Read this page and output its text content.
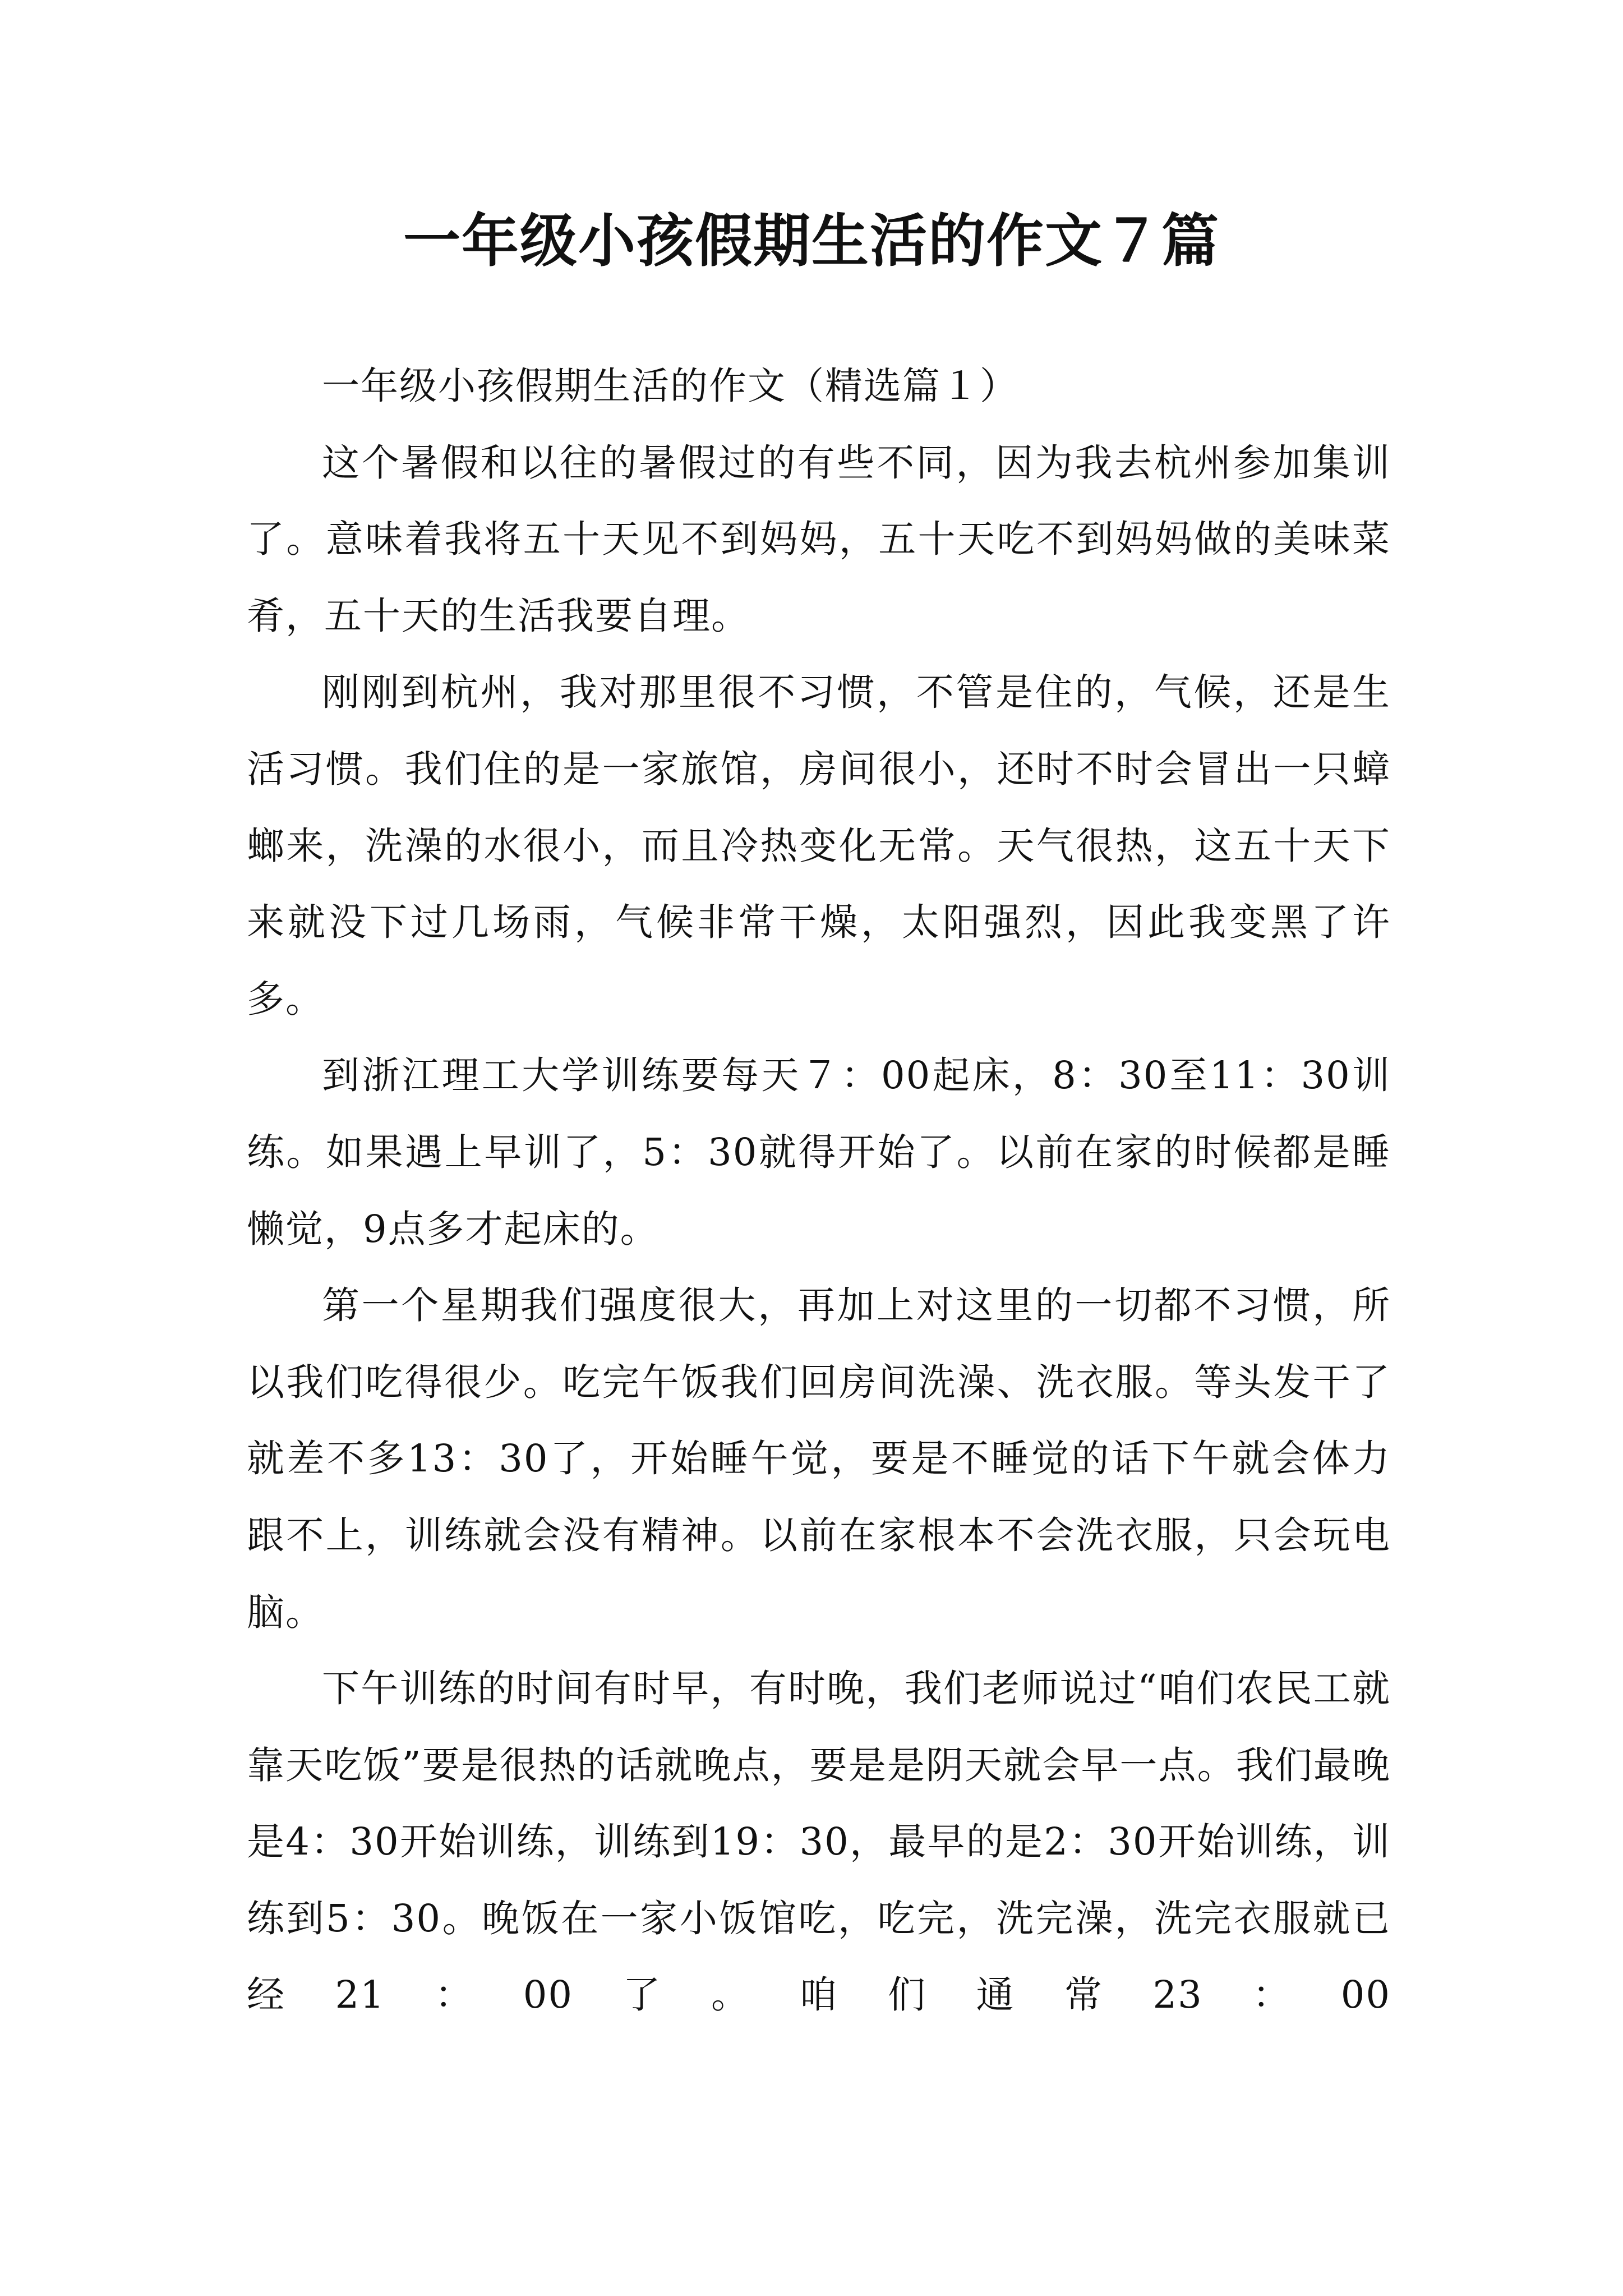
一年级小孩假期生活的作文７篇

一年级小孩假期生活的作文（精选篇１）

这个暑假和以往的暑假过的有些不同，因为我去杭州参加集训了。意味着我将五十天见不到妈妈，五十天吃不到妈妈做的美味菜肴，五十天的生活我要自理。

刚刚到杭州，我对那里很不习惯，不管是住的，气候，还是生活习惯。我们住的是一家旅馆，房间很小，还时不时会冒出一只蟑螂来，洗澡的水很小，而且冷热变化无常。天气很热，这五十天下来就没下过几场雨，气候非常干燥，太阳强烈，因此我变黑了许多。

到浙江理工大学训练要每天７：00起床，8：30至11：30训练。如果遇上早训了，5：30就得开始了。以前在家的时候都是睡懒觉，9点多才起床的。

第一个星期我们强度很大，再加上对这里的一切都不习惯，所以我们吃得很少。吃完午饭我们回房间洗澡、洗衣服。等头发干了就差不多13：30了，开始睡午觉，要是不睡觉的话下午就会体力跟不上，训练就会没有精神。以前在家根本不会洗衣服，只会玩电脑。

下午训练的时间有时早，有时晚，我们老师说过“咱们农民工就靠天吃饭”要是很热的话就晚点，要是是阴天就会早一点。我们最晚是4：30开始训练，训练到19：30，最早的是2：30开始训练，训练到5：30。晚饭在一家小饭馆吃，吃完，洗完澡，洗完衣服就已经21：00了。咱们通常23：00
